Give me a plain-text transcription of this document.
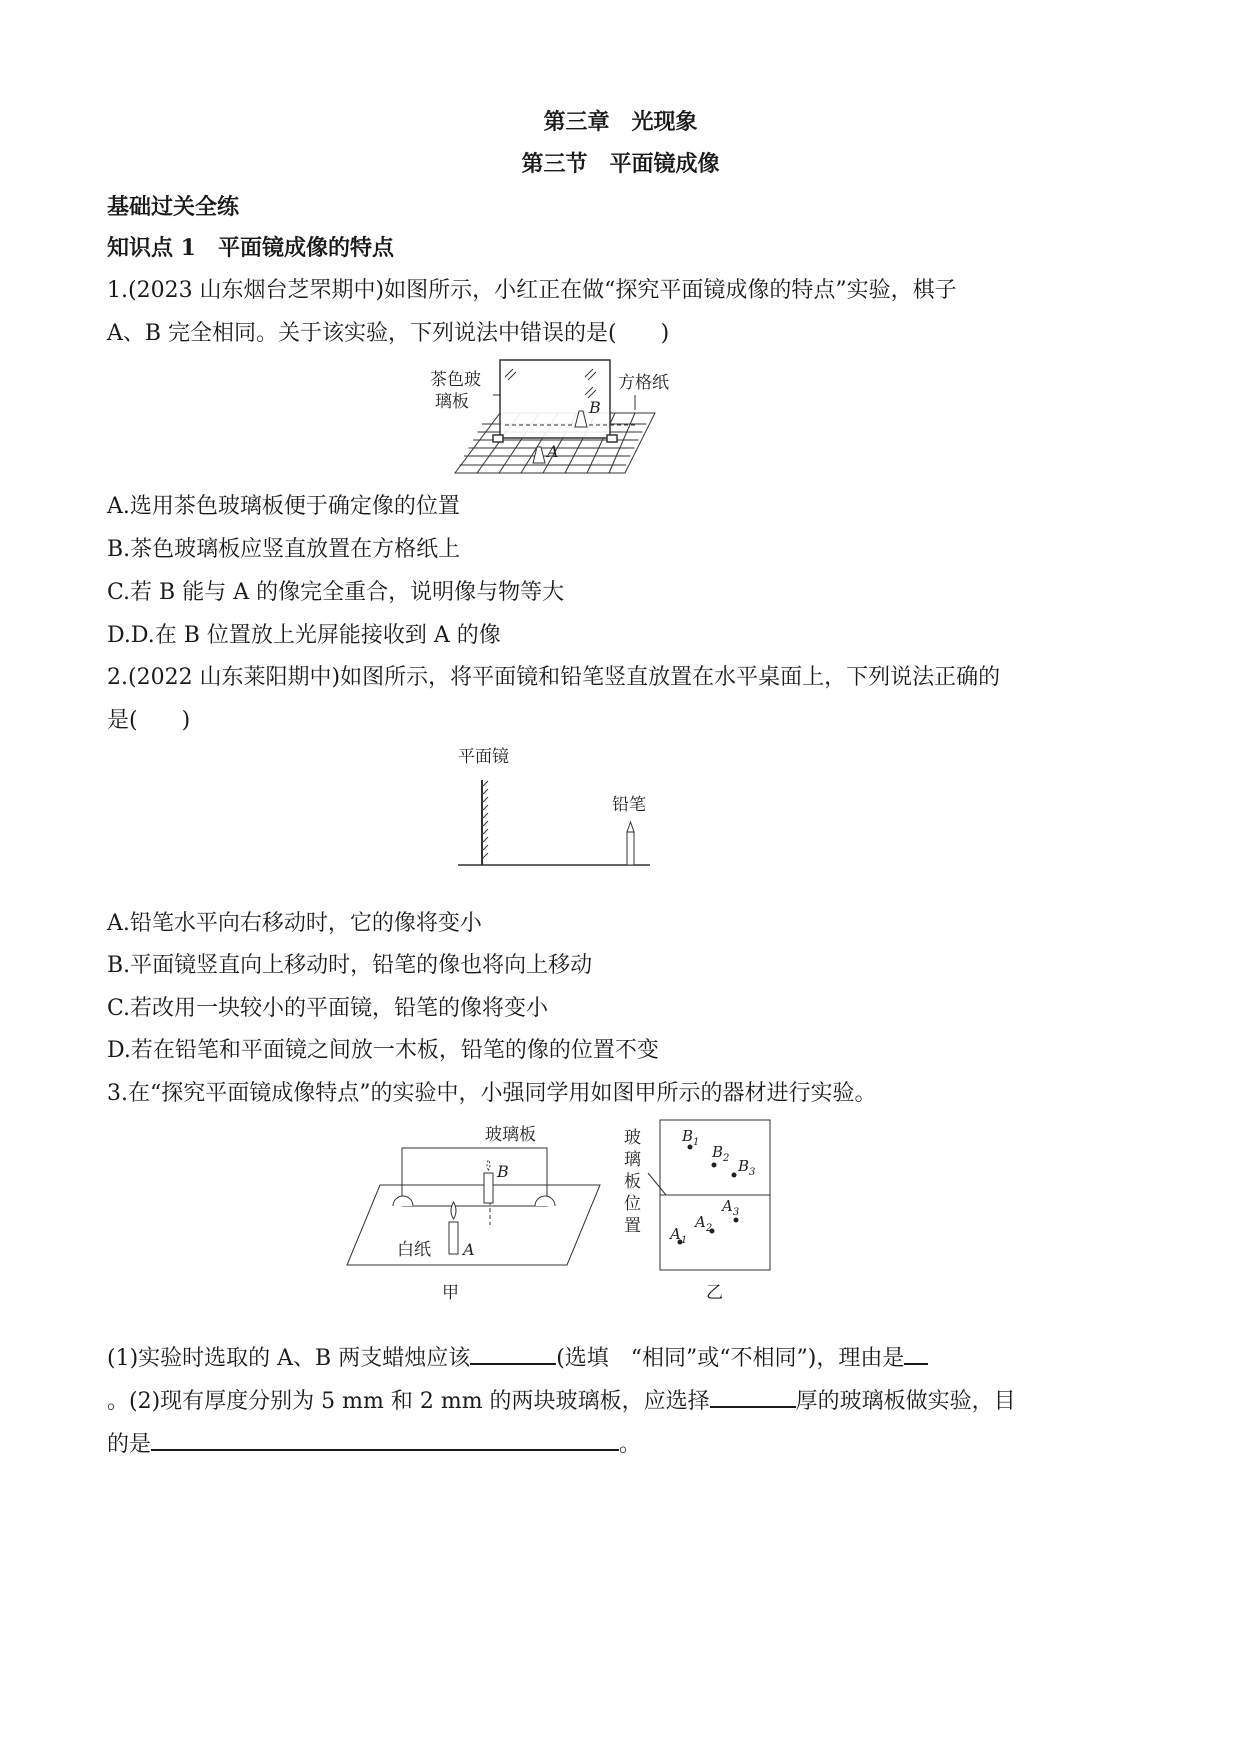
第三章　光现象
第三节　平面镜成像
基础过关全练
知识点 1　平面镜成像的特点
1.(2023 山东烟台芝罘期中)如图所示，小红正在做“探究平面镜成像的特点”实验，棋子
A、B 完全相同。关于该实验，下列说法中错误的是(　　)
茶色玻
璃板
方格纸
B
A
A.选用茶色玻璃板便于确定像的位置
B.茶色玻璃板应竖直放置在方格纸上
C.若 B 能与 A 的像完全重合，说明像与物等大
D.D.在 B 位置放上光屏能接收到 A 的像
2.(2022 山东莱阳期中)如图所示，将平面镜和铅笔竖直放置在水平桌面上，下列说法正确的
是(　　)
平面镜
铅笔
A.铅笔水平向右移动时，它的像将变小
B.平面镜竖直向上移动时，铅笔的像也将向上移动
C.若改用一块较小的平面镜，铅笔的像将变小
D.若在铅笔和平面镜之间放一木板，铅笔的像的位置不变
3.在“探究平面镜成像特点”的实验中，小强同学用如图甲所示的器材进行实验。
玻璃板
B
A
白纸
甲
玻
璃
板
位
置
$B_1$
$B_2$ $B_3$
$A_1$
$A_2$
$A_3$
乙
(1)实验时选取的 A、B 两支蜡烛应该	(选填　“相同”或“不相同”)，理由是
。(2)现有厚度分别为 5 mm 和 2 mm 的两块玻璃板，应选择	厚的玻璃板做实验，目
的是	。
